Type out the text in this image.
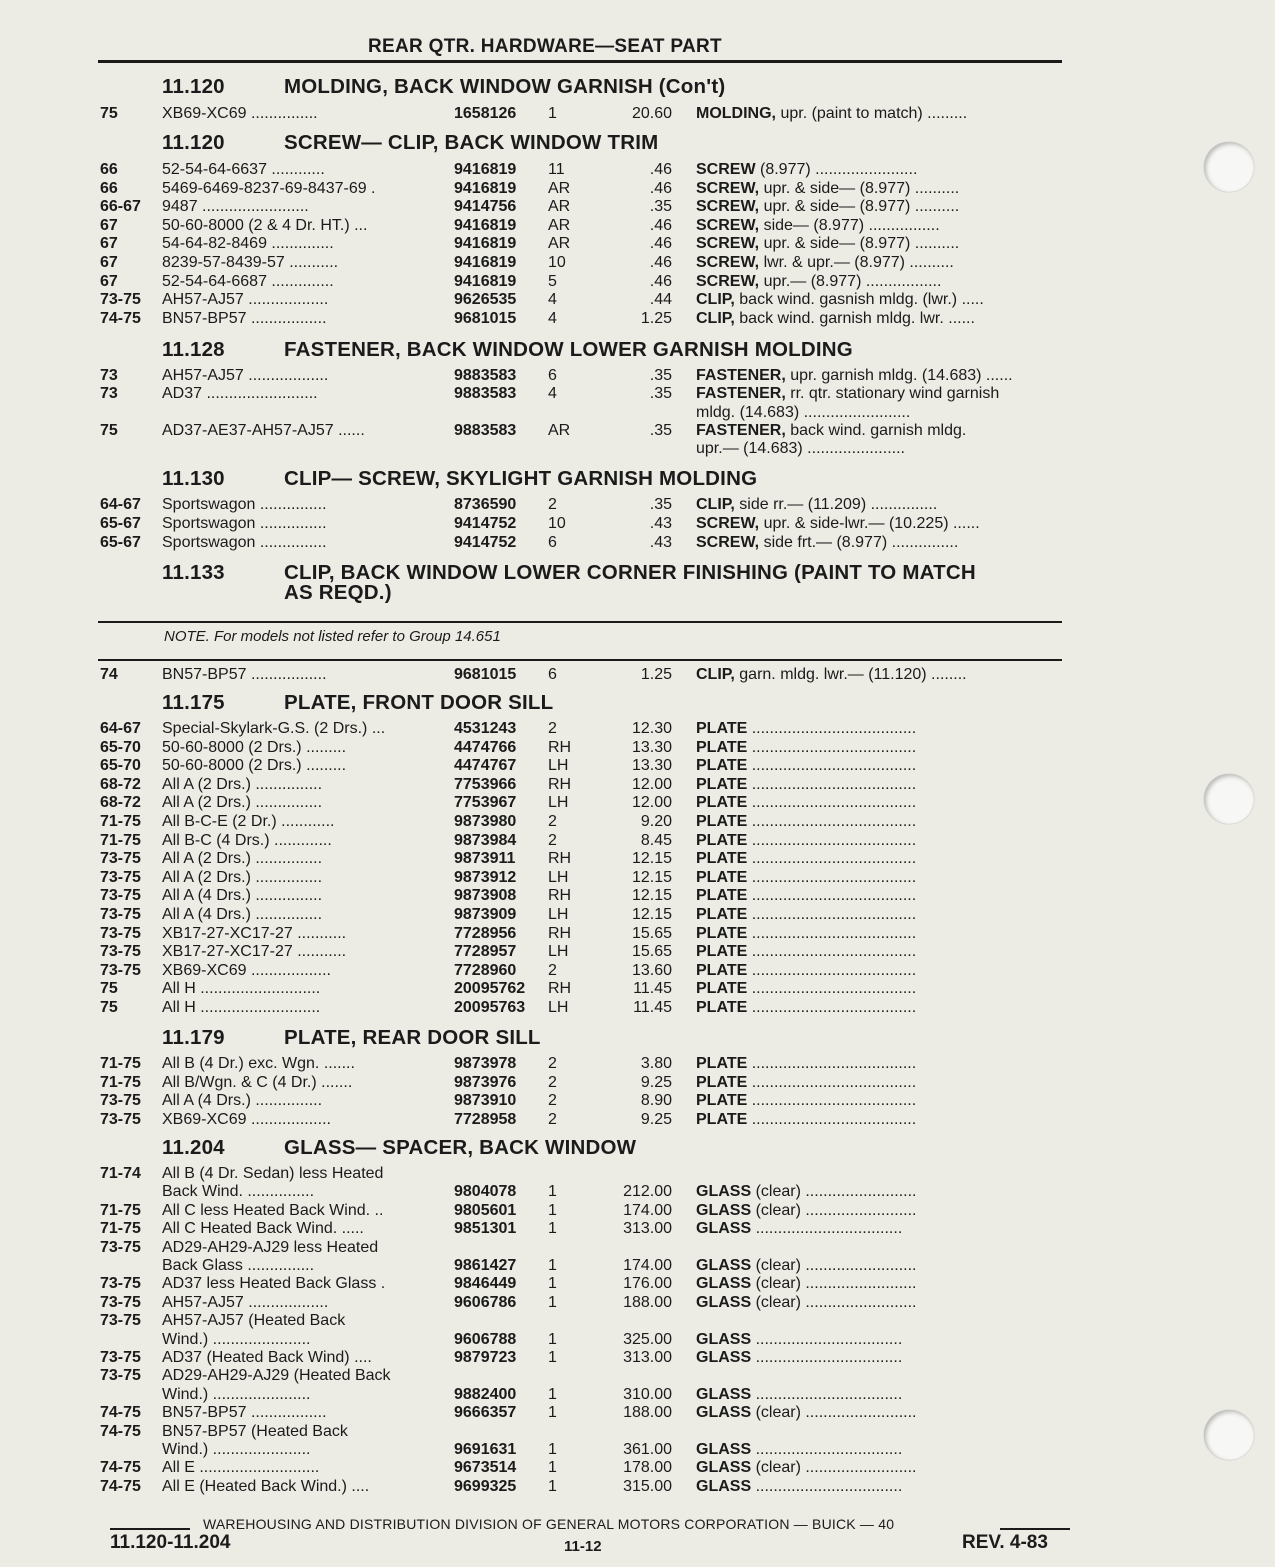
REAR QTR. HARDWARE—SEAT PART
11.120	MOLDING, BACK WINDOW GARNISH (Con't)
75	XB69-XC69 ...............	1658126 1	20.60 MOLDING, upr. (paint to match) .........
11.120	SCREW— CLIP, BACK WINDOW TRIM
66	52-54-64-6637 ............	9416819 11	.46 SCREW (8.977) .......................
66	5469-6469-8237-69-8437-69 .	9416819 AR	.46 SCREW, upr. & side— (8.977) ..........
66-67 9487 ........................	9414756 AR	.35 SCREW, upr. & side— (8.977) ..........
67	50-60-8000 (2 & 4 Dr. HT.) ...	9416819 AR	.46 SCREW, side— (8.977) ................
67	54-64-82-8469 ..............	9416819 AR	.46 SCREW, upr. & side— (8.977) ..........
67	8239-57-8439-57 ...........	9416819 10	.46 SCREW, lwr. & upr.— (8.977) ..........
67	52-54-64-6687 ..............	9416819 5	.46 SCREW, upr.— (8.977) .................
73-75 AH57-AJ57 ..................	9626535 4	.44 CLIP, back wind. gasnish mldg. (lwr.) .....
74-75 BN57-BP57 .................	9681015 4	1.25 CLIP, back wind. garnish mldg. lwr. ......
11.128	FASTENER, BACK WINDOW LOWER GARNISH MOLDING
73	AH57-AJ57 ..................	9883583 6	.35 FASTENER, upr. garnish mldg. (14.683) ......
73	AD37 .........................	9883583 4	.35 FASTENER, rr. qtr. stationary wind garnish
mldg. (14.683) ........................
75	AD37-AE37-AH57-AJ57 ......	9883583 AR	.35 FASTENER, back wind. garnish mldg.
upr.— (14.683) ......................
11.130	CLIP— SCREW, SKYLIGHT GARNISH MOLDING
64-67 Sportswagon ...............	8736590 2	.35 CLIP, side rr.— (11.209) ...............
65-67 Sportswagon ...............	9414752 10	.43 SCREW, upr. & side-lwr.— (10.225) ......
65-67 Sportswagon ...............	9414752 6	.43 SCREW, side frt.— (8.977) ...............
11.133	CLIP, BACK WINDOW LOWER CORNER FINISHING (PAINT TO MATCH AS REQD.)
NOTE. For models not listed refer to Group 14.651
74	BN57-BP57 .................	9681015 6	1.25 CLIP, garn. mldg. lwr.— (11.120) ........
11.175	PLATE, FRONT DOOR SILL
64-67 Special-Skylark-G.S. (2 Drs.) ...	4531243 2	12.30 PLATE .....................................
65-70 50-60-8000 (2 Drs.) .........	4474766 RH	13.30 PLATE .....................................
65-70 50-60-8000 (2 Drs.) .........	4474767 LH	13.30 PLATE .....................................
68-72 All A (2 Drs.) ...............	7753966 RH	12.00 PLATE .....................................
68-72 All A (2 Drs.) ...............	7753967 LH	12.00 PLATE .....................................
71-75 All B-C-E (2 Dr.) ............	9873980 2	9.20 PLATE .....................................
71-75 All B-C (4 Drs.) .............	9873984 2	8.45 PLATE .....................................
73-75 All A (2 Drs.) ...............	9873911 RH	12.15 PLATE .....................................
73-75 All A (2 Drs.) ...............	9873912 LH	12.15 PLATE .....................................
73-75 All A (4 Drs.) ...............	9873908 RH	12.15 PLATE .....................................
73-75 All A (4 Drs.) ...............	9873909 LH	12.15 PLATE .....................................
73-75 XB17-27-XC17-27 ...........	7728956 RH	15.65 PLATE .....................................
73-75 XB17-27-XC17-27 ...........	7728957 LH	15.65 PLATE .....................................
73-75 XB69-XC69 ..................	7728960 2	13.60 PLATE .....................................
75	All H ...........................	20095762 RH	11.45 PLATE .....................................
75	All H ...........................	20095763 LH	11.45 PLATE .....................................
11.179	PLATE, REAR DOOR SILL
71-75 All B (4 Dr.) exc. Wgn. .......	9873978 2	3.80 PLATE .....................................
71-75 All B/Wgn. & C (4 Dr.) .......	9873976 2	9.25 PLATE .....................................
73-75 All A (4 Drs.) ...............	9873910 2	8.90 PLATE .....................................
73-75 XB69-XC69 ..................	7728958 2	9.25 PLATE .....................................
11.204	GLASS— SPACER, BACK WINDOW
71-74 All B (4 Dr. Sedan) less Heated
Back Wind. ...............	9804078 1	212.00 GLASS (clear) .........................
71-75 All C less Heated Back Wind. ..	9805601 1	174.00 GLASS (clear) .........................
71-75 All C Heated Back Wind. .....	9851301 1	313.00 GLASS .................................
73-75 AD29-AH29-AJ29 less Heated
Back Glass ...............	9861427 1	174.00 GLASS (clear) .........................
73-75 AD37 less Heated Back Glass .	9846449 1	176.00 GLASS (clear) .........................
73-75 AH57-AJ57 ..................	9606786 1	188.00 GLASS (clear) .........................
73-75 AH57-AJ57 (Heated Back
Wind.) ......................	9606788 1	325.00 GLASS .................................
73-75 AD37 (Heated Back Wind) ....	9879723 1	313.00 GLASS .................................
73-75 AD29-AH29-AJ29 (Heated Back
Wind.) ......................	9882400 1	310.00 GLASS .................................
74-75 BN57-BP57 .................	9666357 1	188.00 GLASS (clear) .........................
74-75 BN57-BP57 (Heated Back
Wind.) ......................	9691631 1	361.00 GLASS .................................
74-75 All E ...........................	9673514 1	178.00 GLASS (clear) .........................
74-75 All E (Heated Back Wind.) ....	9699325 1	315.00 GLASS .................................
WAREHOUSING AND DISTRIBUTION DIVISION OF GENERAL MOTORS CORPORATION — BUICK — 40
11.120-11.204	11-12	REV. 4-83
